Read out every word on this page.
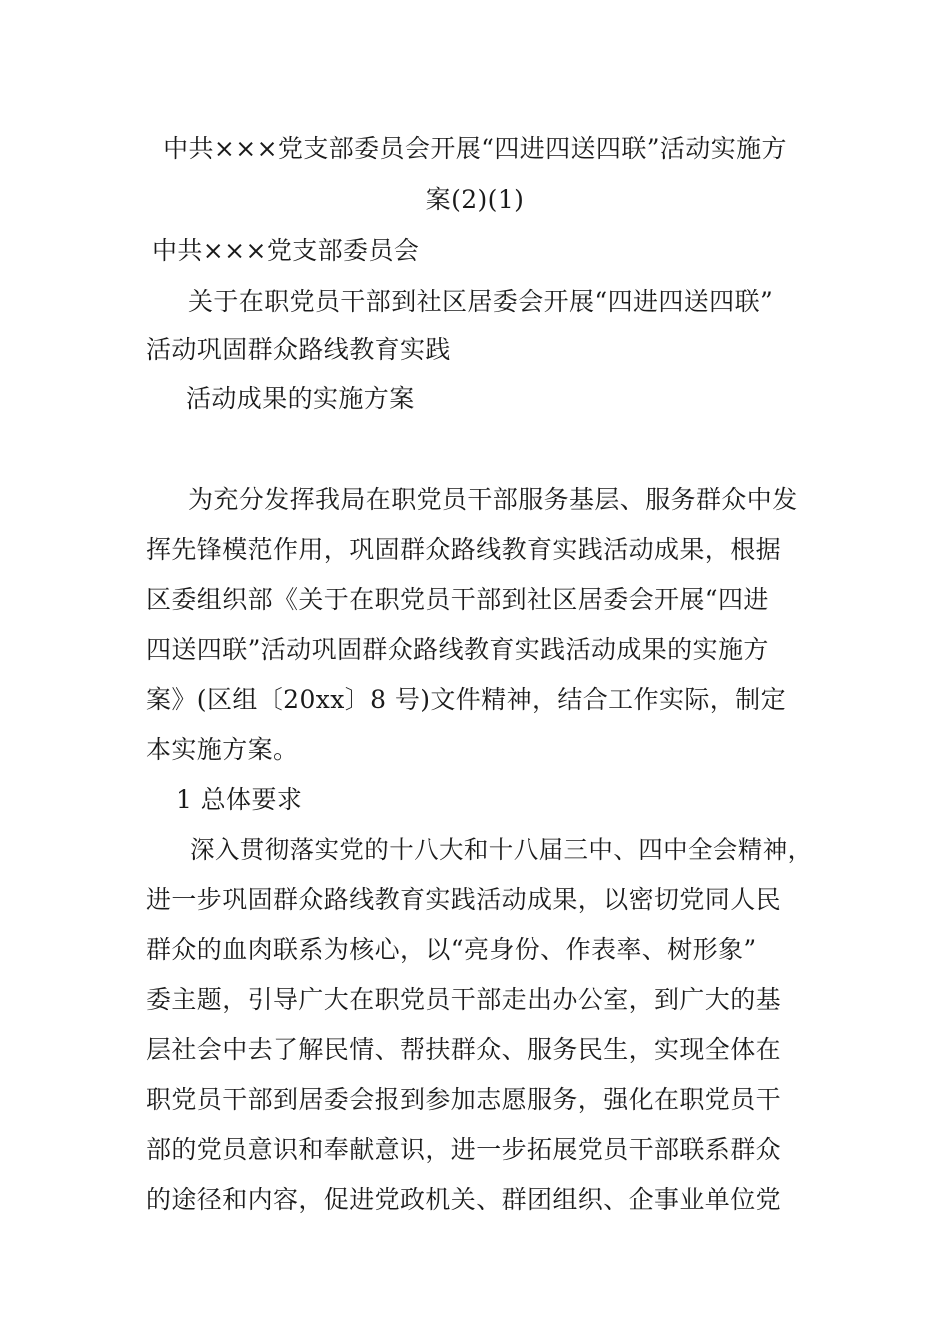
中共×××党支部委员会开展“四进四送四联”活动实施方
案(2)(1)
中共×××党支部委员会
关于在职党员干部到社区居委会开展“四进四送四联”
活动巩固群众路线教育实践
活动成果的实施方案
为充分发挥我局在职党员干部服务基层、服务群众中发
挥先锋模范作用，巩固群众路线教育实践活动成果，根据
区委组织部《关于在职党员干部到社区居委会开展“四进
四送四联”活动巩固群众路线教育实践活动成果的实施方
案》(区组〔20xx〕8 号)文件精神，结合工作实际，制定
本实施方案。
1 总体要求
深入贯彻落实党的十八大和十八届三中、四中全会精神，
进一步巩固群众路线教育实践活动成果，以密切党同人民
群众的血肉联系为核心，以“亮身份、作表率、树形象”
委主题，引导广大在职党员干部走出办公室，到广大的基
层社会中去了解民情、帮扶群众、服务民生，实现全体在
职党员干部到居委会报到参加志愿服务，强化在职党员干
部的党员意识和奉献意识，进一步拓展党员干部联系群众
的途径和内容，促进党政机关、群团组织、企事业单位党
